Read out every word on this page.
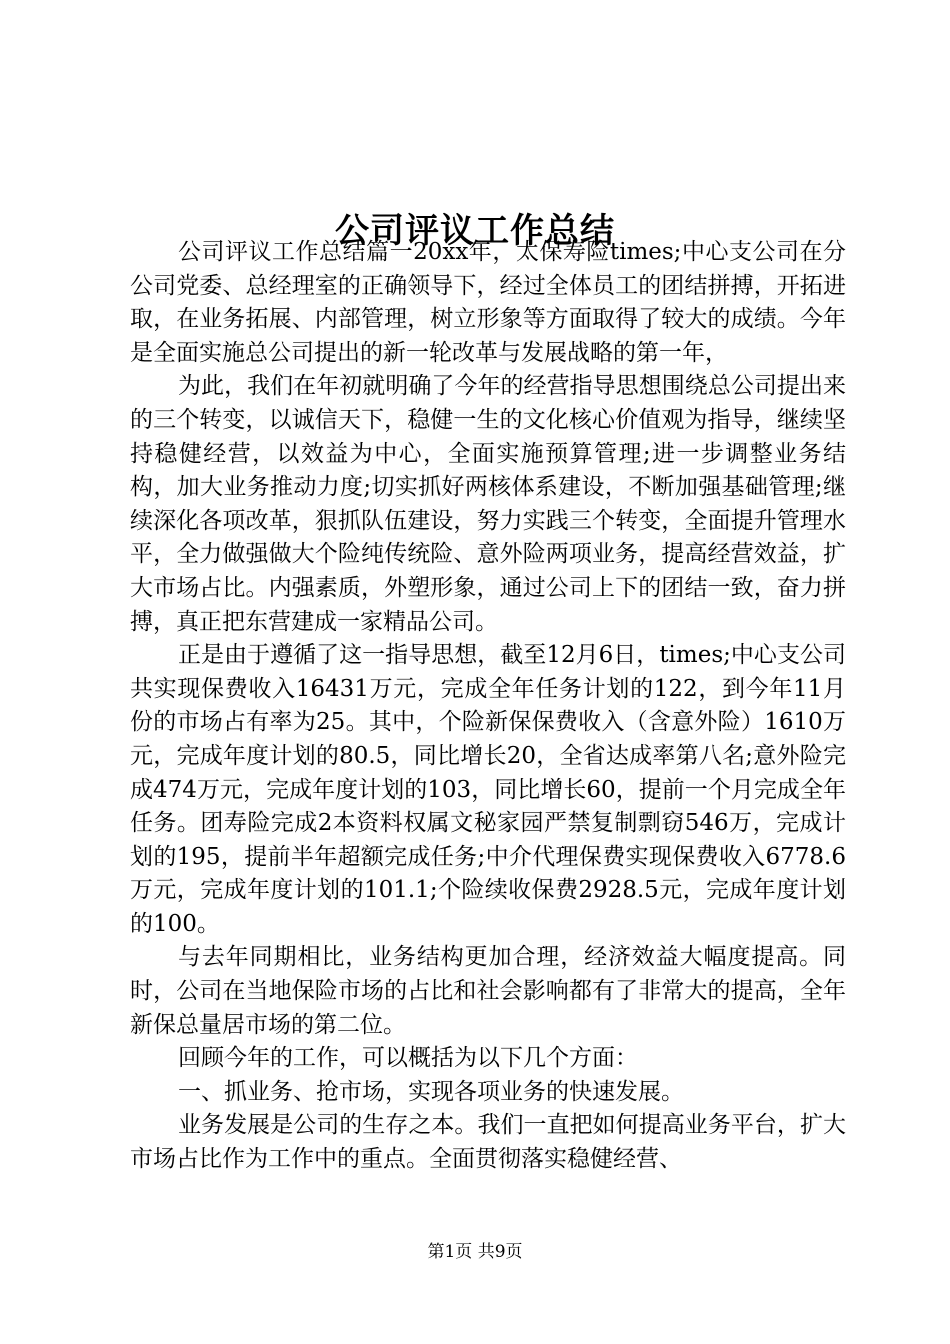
公司评议工作总结

公司评议工作总结篇一20xx年，太保寿险times;中心支公司在分公司党委、总经理室的正确领导下，经过全体员工的团结拼搏，开拓进取，在业务拓展、内部管理，树立形象等方面取得了较大的成绩。今年是全面实施总公司提出的新一轮改革与发展战略的第一年，

为此，我们在年初就明确了今年的经营指导思想围绕总公司提出来的三个转变，以诚信天下，稳健一生的文化核心价值观为指导，继续坚持稳健经营，以效益为中心，全面实施预算管理;进一步调整业务结构，加大业务推动力度;切实抓好两核体系建设，不断加强基础管理;继续深化各项改革，狠抓队伍建设，努力实践三个转变，全面提升管理水平，全力做强做大个险纯传统险、意外险两项业务，提高经营效益，扩大市场占比。内强素质，外塑形象，通过公司上下的团结一致，奋力拼搏，真正把东营建成一家精品公司。

正是由于遵循了这一指导思想，截至12月6日，times;中心支公司共实现保费收入16431万元，完成全年任务计划的122，到今年11月份的市场占有率为25。其中，个险新保保费收入（含意外险）1610万元，完成年度计划的80.5，同比增长20，全省达成率第八名;意外险完成474万元，完成年度计划的103，同比增长60，提前一个月完成全年任务。团寿险完成2本资料权属文秘家园严禁复制剽窃546万，完成计划的195，提前半年超额完成任务;中介代理保费实现保费收入6778.6万元，完成年度计划的101.1;个险续收保费2928.5元，完成年度计划的100。

与去年同期相比，业务结构更加合理，经济效益大幅度提高。同时，公司在当地保险市场的占比和社会影响都有了非常大的提高，全年新保总量居市场的第二位。

回顾今年的工作，可以概括为以下几个方面：

一、抓业务、抢市场，实现各项业务的快速发展。

业务发展是公司的生存之本。我们一直把如何提高业务平台，扩大市场占比作为工作中的重点。全面贯彻落实稳健经营、

第1页 共9页
